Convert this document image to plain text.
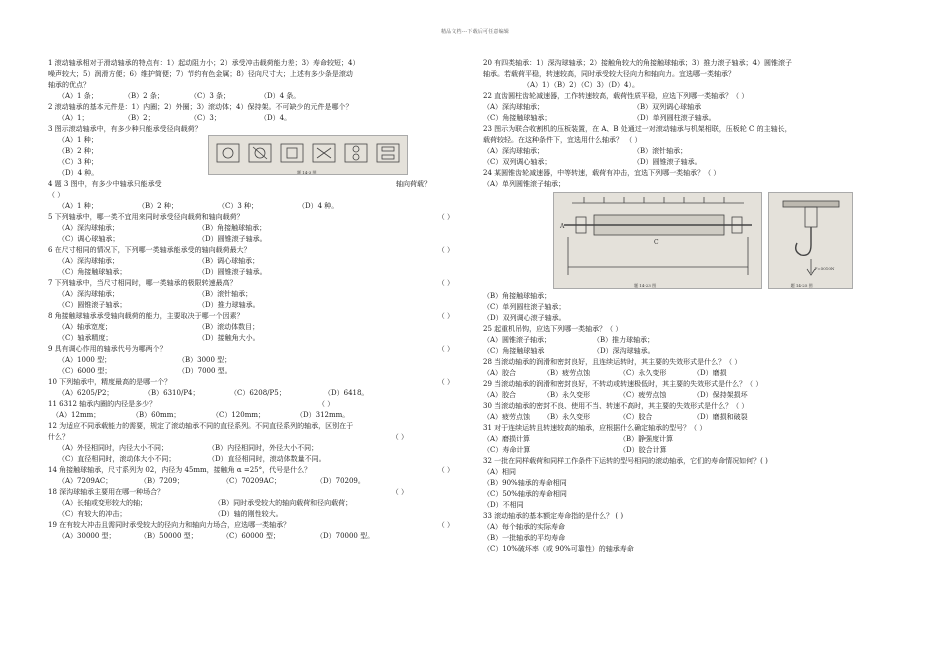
精品文档---下载后可任意编辑
1 滚动轴承相对于滑动轴承的特点有：1）起动阻力小；2）承受冲击载荷能力差；3）寿命较短；4）
噪声较大；5）润滑方便；6）维护简便；7）节约有色金属；8）径向尺寸大；上述有多少条是滚动
轴承的优点？
（A）1 条；	（B）2 条；	（C）3 条；	（D）4 条。
2 滚动轴承的基本元件是：1）内圈；2）外圈；3）滚动体；4）保持架。不可缺少的元件是哪个？
（A）1；	（B）2；	（C）3；	（D）4。
3 图示滚动轴承中，有多少种只能承受径向载荷？
（A）1 种；
（B）2 种；
（C）3 种；
（D）4 种。	题 14-3 图
4 题 3 图中，有多少中轴承只能承受	轴向荷载？
（ ）
（A）1 种；	（B）2 种；	（C）3 种；	（D）4 种。
5 下列轴承中，哪一类不宜用来同时承受径向载荷和轴向载荷？	（ ）
（A）深沟球轴承；	（B）角接触球轴承；
（C）调心球轴承；	（D）圆锥滚子轴承。
6 在尺寸相同的情况下，下列哪一类轴承能承受的轴向载荷最大？	（ ）
（A）深沟球轴承；	（B）调心球轴承；
（C）角接触球轴承；	（D）圆锥滚子轴承。
7 下列轴承中，当尺寸相同时，哪一类轴承的极限转速最高？	（ ）
（A）深沟球轴承；	（B）滚针轴承；
（C）圆锥滚子轴承；	（D）推力球轴承。
8 角接触球轴承承受轴向载荷的能力，主要取决于哪一个因素？	（ ）
（A）轴承宽度；	（B）滚动体数目；
（C）轴承精度；	（D）接触角大小。
9 具有调心作用的轴承代号为哪两个？	（ ）
（A）1000 型；	（B）3000 型；
（C）6000 型；	（D）7000 型。
10 下列轴承中，精度最高的是哪一个？	（ ）
（A）6205/P2；	（B）6310/P4；	（C）6208/P5；	（D）6418。
11 6312 轴承内圈的内径是多少？	（ ）
（A）12mm；	（B）60mm；	（C）120mm；	（D）312mm。
12 为适应不同承载能力的需要，规定了滚动轴承不同的直径系列。不同直径系列的轴承，区别在于
什么？	（ ）
（A）外径相同时，内径大小不同；	（B）内径相同时，外径大小不同；
（C）直径相同时，滚动体大小不同；	（D）直径相同时，滚动体数量不同。
14 角接触球轴承，尺寸系列为 02，内径为 45mm，接触角 α =25°，代号是什么？	（ ）
（A）7209AC；	（B）7209；	（C）70209AC；	（D）70209。
18 深沟球轴承主要用在哪一种场合？	（ ）
（A）长轴或变形较大的轴；	（B）同时承受较大的轴向载荷和径向载荷；
（C）有较大的冲击；	（D）轴的刚性较大。
19 在有较大冲击且需同时承受较大的径向力和轴向力场合，应选哪一类轴承？	（ ）
（A）30000 型；	（B）50000 型；	（C）60000 型；	（D）70000 型。
20 有四类轴承：1）深沟球轴承；2）接触角较大的角接触球轴承；3）推力滚子轴承；4）圆锥滚子
轴承。若载荷平稳，转速较高，同时承受较大径向力和轴向力。宜选哪一类轴承？
（A）1）（B）2）（C）3）（D）4）。
22 直齿圆柱齿轮减速器，工作转速较高，载荷性质平稳，应选下列哪一类轴承？（ ）
（A）深沟球轴承；	（B）双列调心球轴承
（C）角接触球轴承；	（D）单列圆柱滚子轴承。
23 图示为联合收割机的压板装置，在 A、B 处通过一对滚动轴承与机架相联，压板轮 C 的主轴长，
载荷较轻。在这种条件下，宜选用什么轴承？ （ ）
（A）深沟球轴承；	（B）滚针轴承；
（C）双列调心轴承；	（D）圆锥滚子轴承。
24 某圆锥齿轮减速器，中等转速，载荷有冲击，宜选下列哪一类轴承？（ ）
（A）单列圆锥滚子轴承；
A
C
题 14-23 图
F=5010N
题 14-25 图
（B）角接触球轴承；
（C）单列圆柱滚子轴承；
（D）双列调心滚子轴承。
25 起重机吊钩，应选下列哪一类轴承？（ ）
（A）圆锥滚子轴承；	（B）推力球轴承；
（C）角接触球轴承	（D）深沟球轴承。
28 当滚动轴承的润滑和密封良好，且连续运转时，其主要的失效形式是什么？（ ）
（A）胶合	（B）疲劳点蚀	（C）永久变形	（D）磨损
29 当滚动轴承的润滑和密封良好，不转动或转速极低时，其主要的失效形式是什么？（ ）
（A）胶合	（B）永久变形	（C）疲劳点蚀	（D）保持架损坏
30 当滚动轴承的密封不良、使用不当、转速不高时，其主要的失效形式是什么？（ ）
（A）疲劳点蚀	（B）永久变形	（C）胶合	（D）磨损和破裂
31 对于连续运转且转速较高的轴承，应根据什么确定轴承的型号？（ ）
（A）磨损计算	（B）静强度计算
（C）寿命计算	（D）胶合计算
32 一批在同样载荷和同样工作条件下运转的型号相同的滚动轴承，它们的寿命情况如何？( )
（A）相同
（B）90%轴承的寿命相同
（C）50%轴承的寿命相同
（D）不相同
33 滚动轴承的基本额定寿命指的是什么？ ( )
（A）每个轴承的实际寿命
（B）一批轴承的平均寿命
（C）10%破坏率（或 90%可靠性）的轴承寿命
